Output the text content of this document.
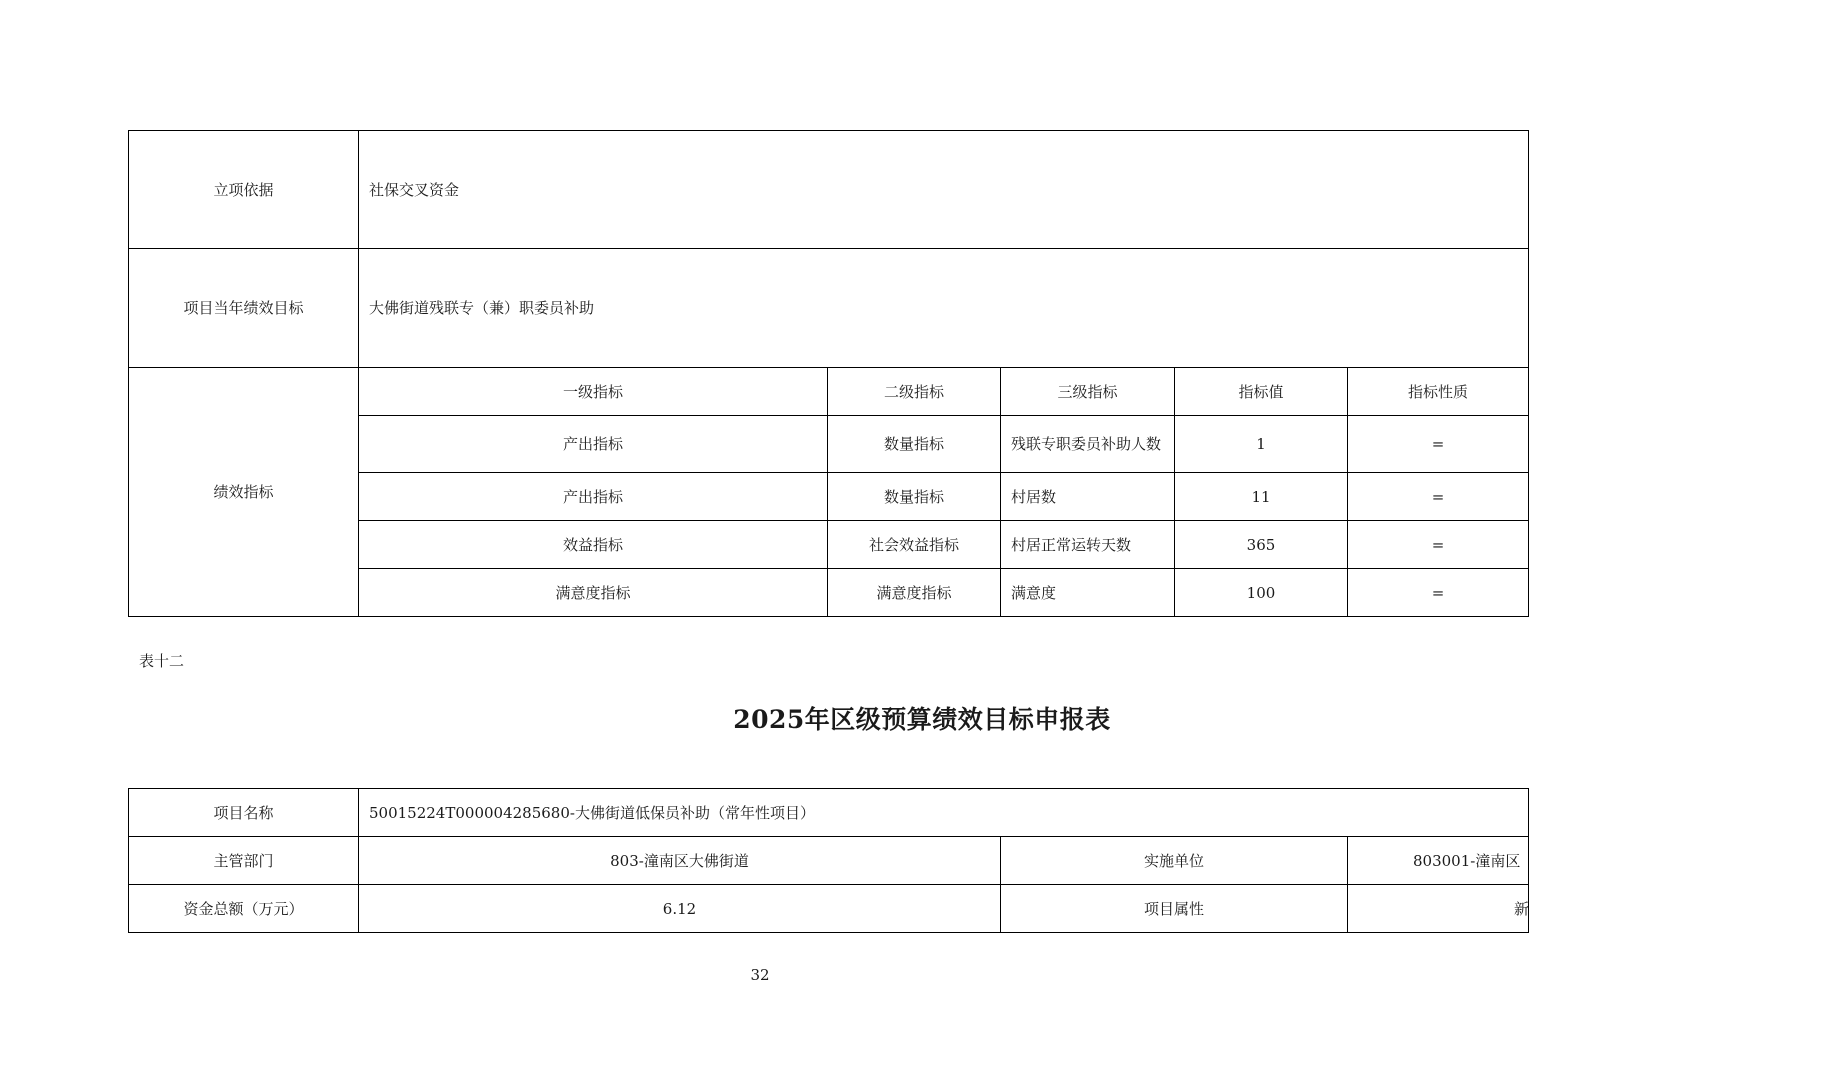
立项依据	社保交叉资金				
项目当年绩效目标	大佛街道残联专（兼）职委员补助				
绩效指标	一级指标	二级指标	三级指标	指标值	指标性质
	产出指标	数量指标	残联专职委员补助人数	1	=
	产出指标	数量指标	村居数	11	=
	效益指标	社会效益指标	村居正常运转天数	365	=
	满意度指标	满意度指标	满意度	100	=
表十二
2025年区级预算绩效目标申报表
项目名称	50015224T000004285680-大佛街道低保员补助（常年性项目）		
主管部门	803-潼南区大佛街道	实施单位	803001-潼南区
资金总额（万元）	6.12	项目属性	新
32
